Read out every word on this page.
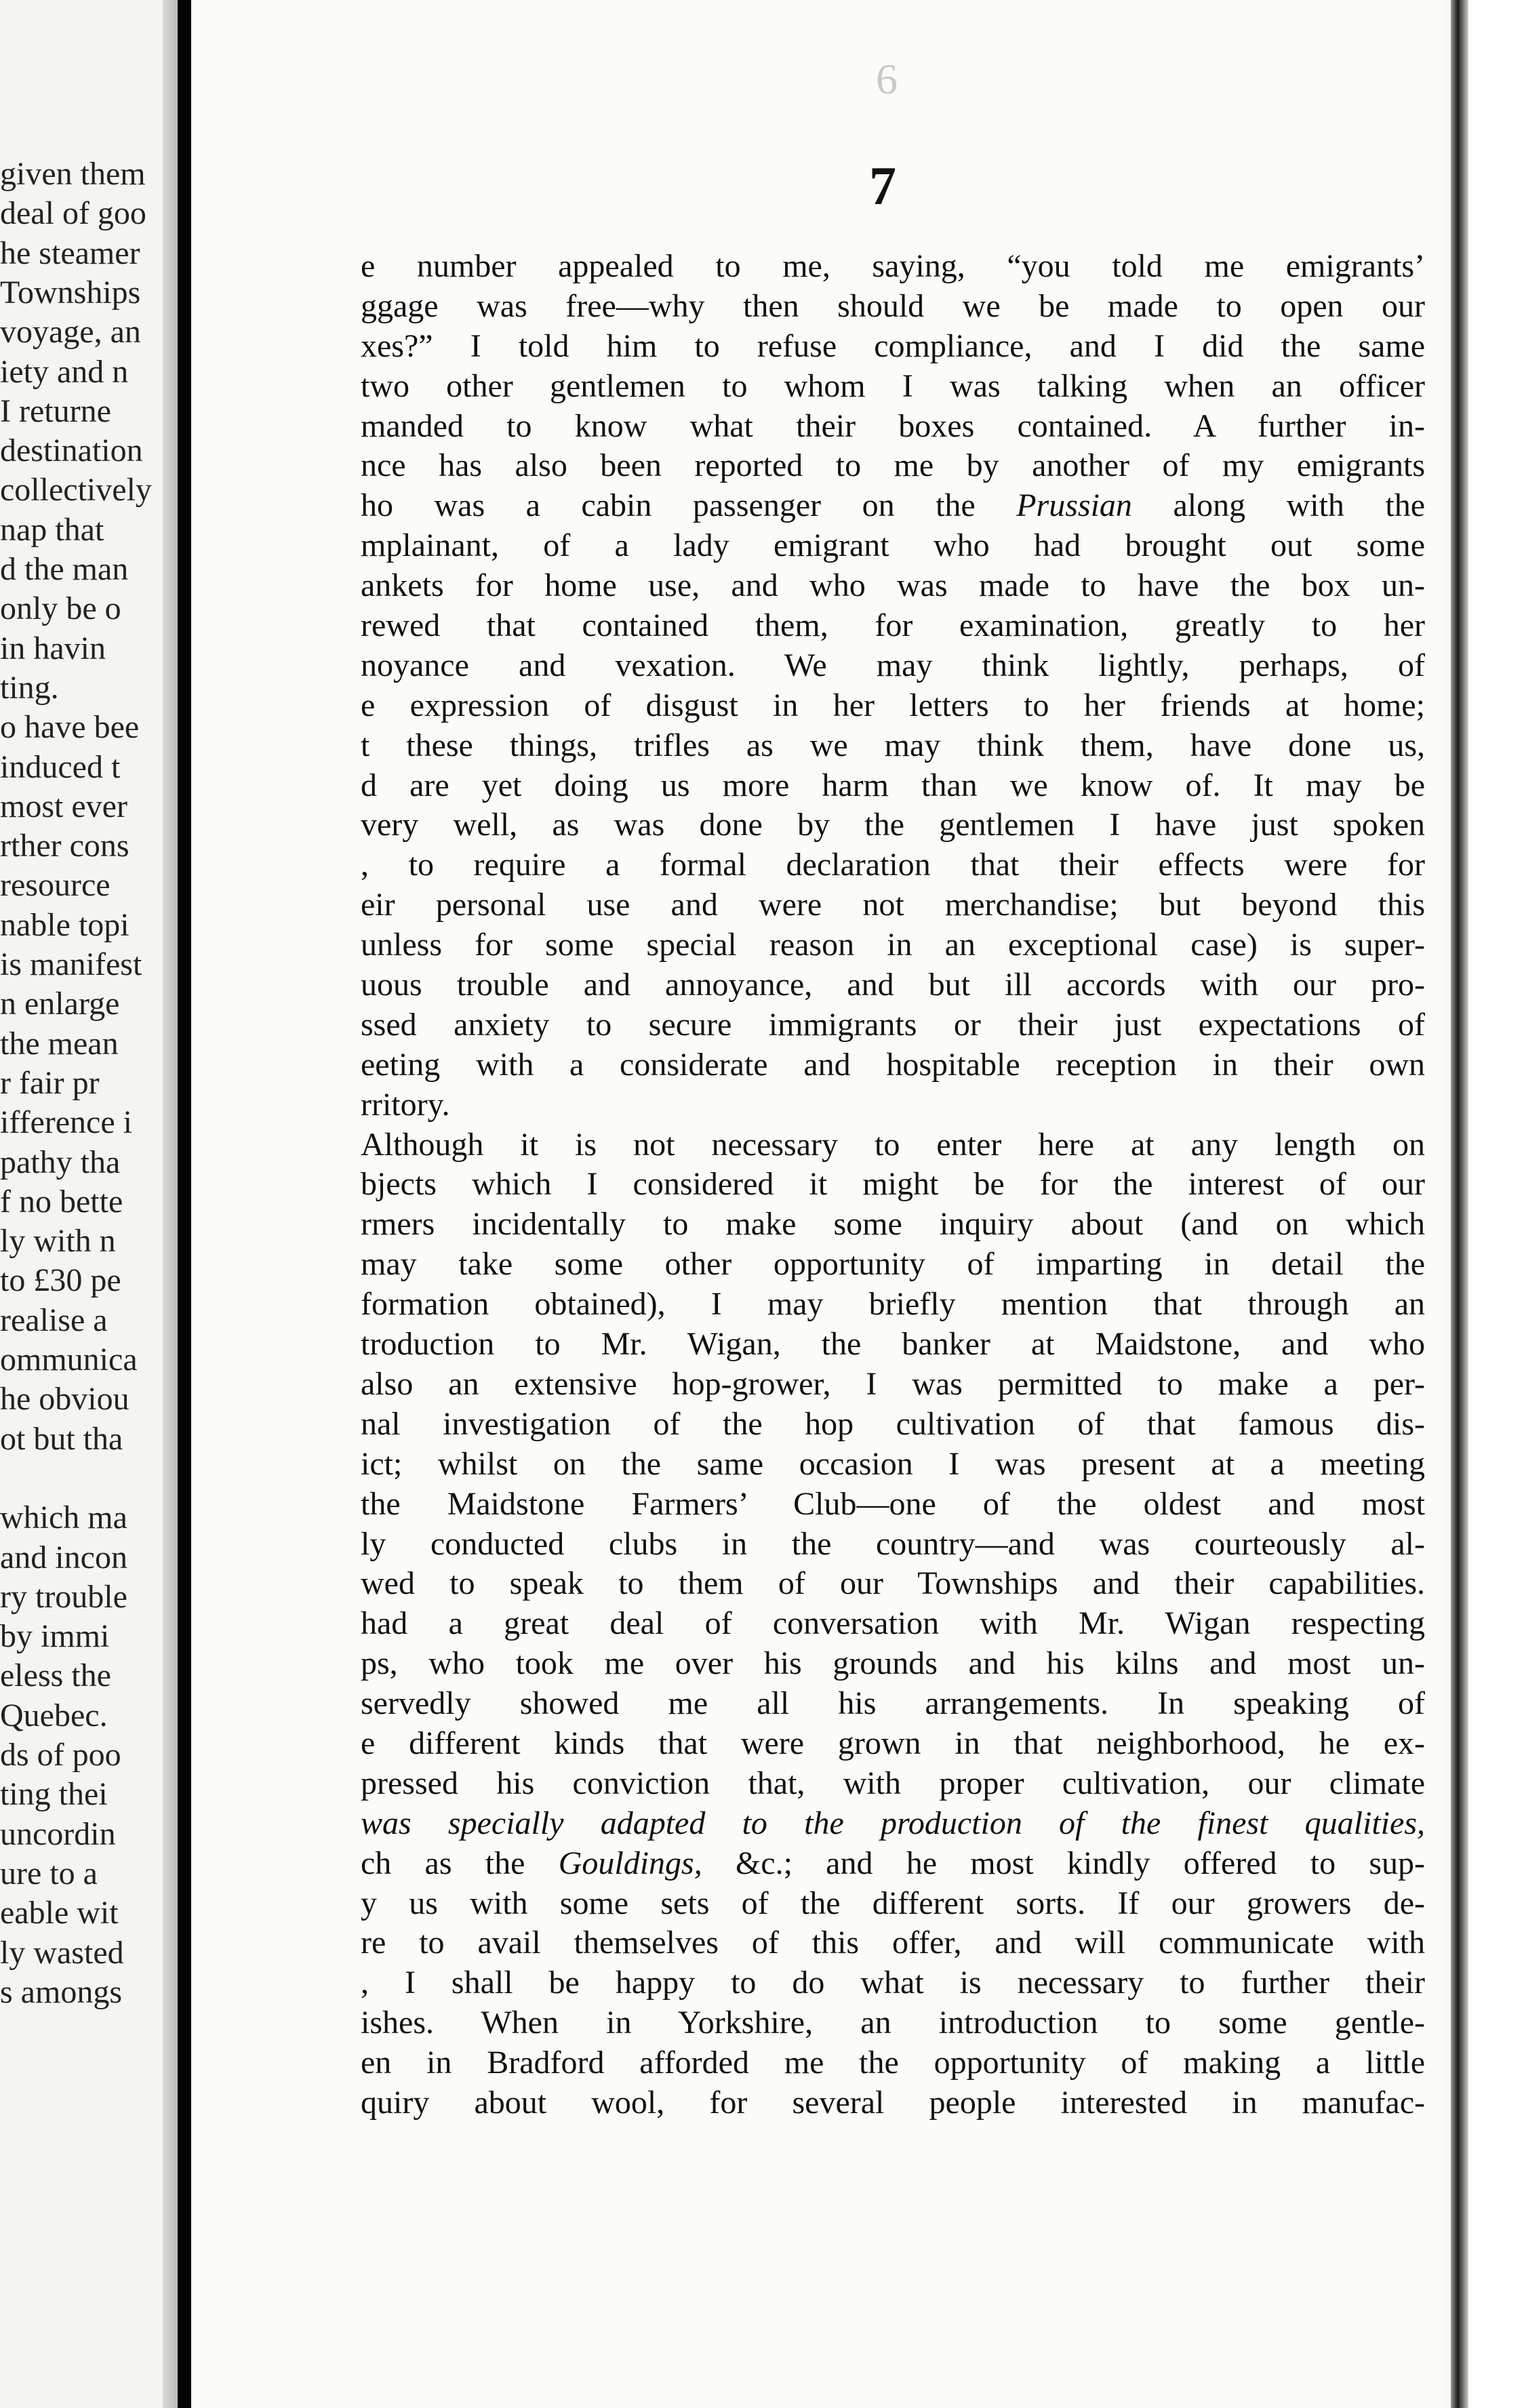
given them
deal of goo
he steamer
Townships
voyage, an
iety and n
I returne
destination
collectively
nap that
d the man
only be o
in havin
ting.
o have bee
induced t
most ever
rther cons
resource
nable topi
is manifest
n enlarge
the mean
r fair pr
ifference i
pathy tha
f no bette
ly with n
to £30 pe
realise a
ommunica
he obviou
ot but tha
which ma
and incon
ry trouble
by immi
eless the
Quebec.
ds of poo
ting thei
uncordin
ure to a
eable wit
ly wasted
s amongs
6
7
e number appealed to me, saying, “you told me emigrants’
ggage was free—why then should we be made to open our
xes?” I told him to refuse compliance, and I did the same
two other gentlemen to whom I was talking when an officer
manded to know what their boxes contained. A further in-
nce has also been reported to me by another of my emigrants
ho was a cabin passenger on the Prussian along with the
mplainant, of a lady emigrant who had brought out some
ankets for home use, and who was made to have the box un-
rewed that contained them, for examination, greatly to her
noyance and vexation. We may think lightly, perhaps, of
e expression of disgust in her letters to her friends at home;
t these things, trifles as we may think them, have done us,
d are yet doing us more harm than we know of. It may be
very well, as was done by the gentlemen I have just spoken
, to require a formal declaration that their effects were for
eir personal use and were not merchandise; but beyond this
unless for some special reason in an exceptional case) is super-
uous trouble and annoyance, and but ill accords with our pro-
ssed anxiety to secure immigrants or their just expectations of
eeting with a considerate and hospitable reception in their own
rritory.
Although it is not necessary to enter here at any length on
bjects which I considered it might be for the interest of our
rmers incidentally to make some inquiry about (and on which
may take some other opportunity of imparting in detail the
formation obtained), I may briefly mention that through an
troduction to Mr. Wigan, the banker at Maidstone, and who
also an extensive hop-grower, I was permitted to make a per-
nal investigation of the hop cultivation of that famous dis-
ict; whilst on the same occasion I was present at a meeting
the Maidstone Farmers’ Club—one of the oldest and most
ly conducted clubs in the country—and was courteously al-
wed to speak to them of our Townships and their capabilities.
had a great deal of conversation with Mr. Wigan respecting
ps, who took me over his grounds and his kilns and most un-
servedly showed me all his arrangements. In speaking of
e different kinds that were grown in that neighborhood, he ex-
pressed his conviction that, with proper cultivation, our climate
was specially adapted to the production of the finest qualities,
ch as the Gouldings, &c.; and he most kindly offered to sup-
y us with some sets of the different sorts. If our growers de-
re to avail themselves of this offer, and will communicate with
, I shall be happy to do what is necessary to further their
ishes. When in Yorkshire, an introduction to some gentle-
en in Bradford afforded me the opportunity of making a little
quiry about wool, for several people interested in manufac-
